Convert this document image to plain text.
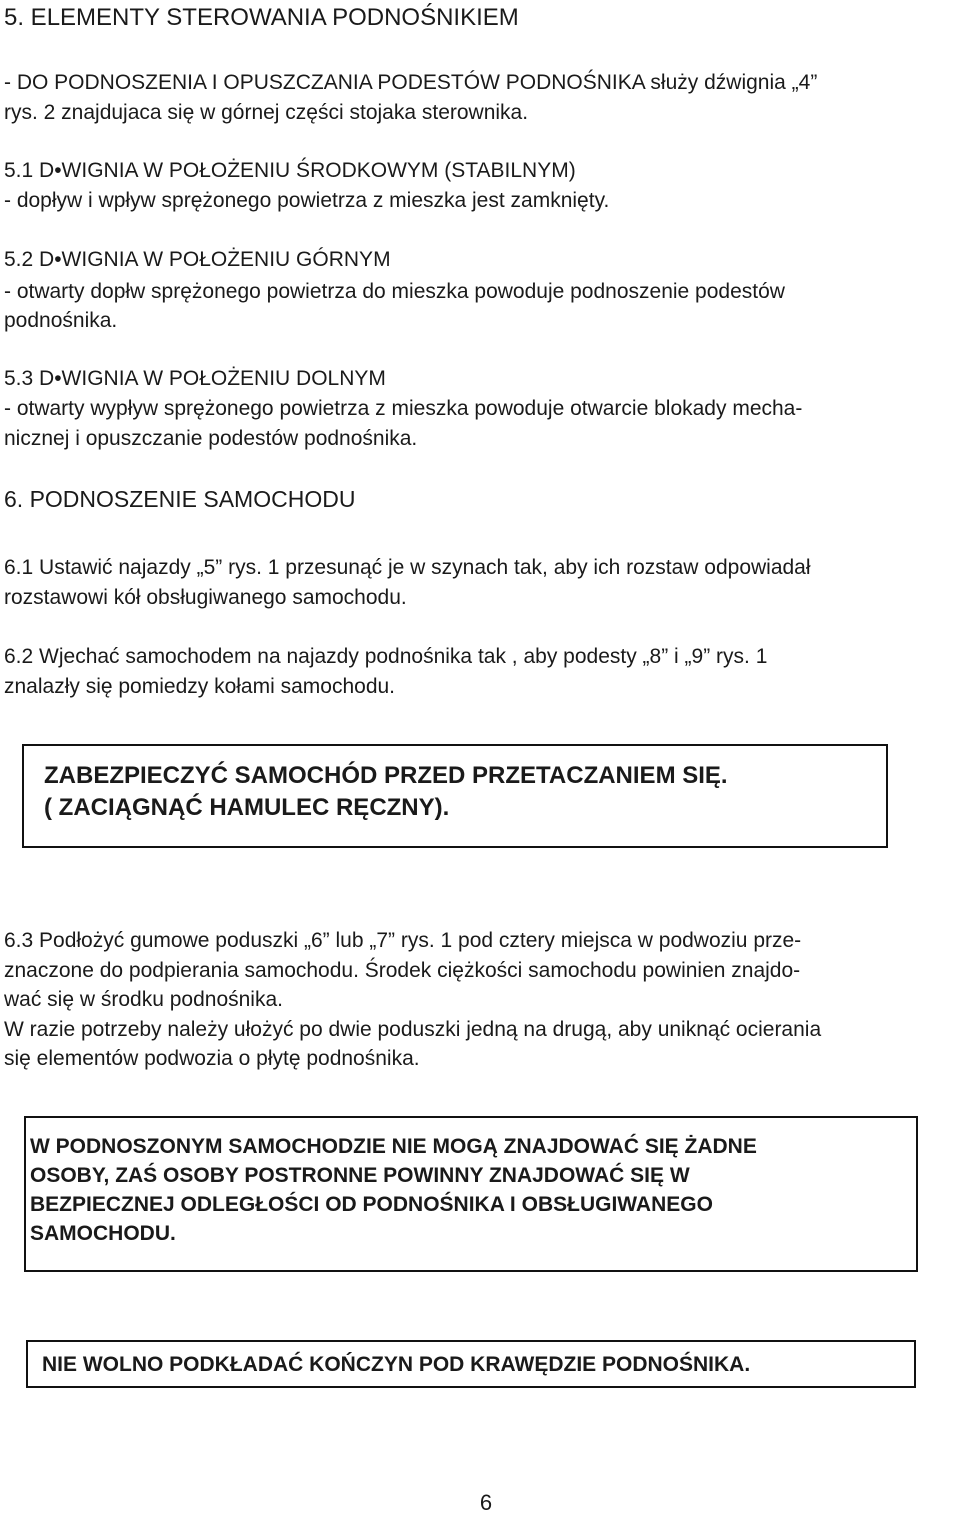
5. ELEMENTY STEROWANIA PODNOŚNIKIEM
- DO PODNOSZENIA I OPUSZCZANIA PODESTÓW PODNOŚNIKA służy dźwignia „4”
rys. 2 znajdujaca się w górnej części stojaka sterownika.
5.1 D•WIGNIA W POŁOŻENIU ŚRODKOWYM (STABILNYM)
- dopływ i wpływ sprężonego powietrza z mieszka jest zamknięty.
5.2 D•WIGNIA W POŁOŻENIU GÓRNYM
- otwarty dopłw sprężonego powietrza do mieszka powoduje podnoszenie podestów
podnośnika.
5.3 D•WIGNIA W POŁOŻENIU DOLNYM
- otwarty wypływ sprężonego powietrza z mieszka powoduje otwarcie blokady mecha-
nicznej i opuszczanie podestów podnośnika.
6. PODNOSZENIE SAMOCHODU
6.1 Ustawić najazdy „5” rys. 1 przesunąć je w szynach tak, aby ich rozstaw odpowiadał
rozstawowi kół obsługiwanego samochodu.
6.2 Wjechać samochodem na najazdy podnośnika tak , aby podesty „8” i „9” rys. 1
znalazły się pomiedzy kołami samochodu.
ZABEZPIECZYĆ SAMOCHÓD PRZED PRZETACZANIEM SIĘ.
( ZACIĄGNĄĆ HAMULEC RĘCZNY).
6.3 Podłożyć gumowe poduszki „6” lub „7” rys. 1 pod cztery miejsca w podwoziu prze-
znaczone do podpierania samochodu. Środek ciężkości samochodu powinien znajdo-
wać się w środku podnośnika.
W razie potrzeby należy ułożyć po dwie poduszki jedną na drugą, aby uniknąć ocierania
się elementów podwozia o płytę podnośnika.
W PODNOSZONYM SAMOCHODZIE NIE MOGĄ ZNAJDOWAĆ SIĘ ŻADNE
OSOBY, ZAŚ OSOBY POSTRONNE POWINNY ZNAJDOWAĆ SIĘ W
BEZPIECZNEJ ODLEGŁOŚCI OD PODNOŚNIKA I OBSŁUGIWANEGO
SAMOCHODU.
NIE WOLNO PODKŁADAĆ KOŃCZYN POD KRAWĘDZIE PODNOŚNIKA.
6
